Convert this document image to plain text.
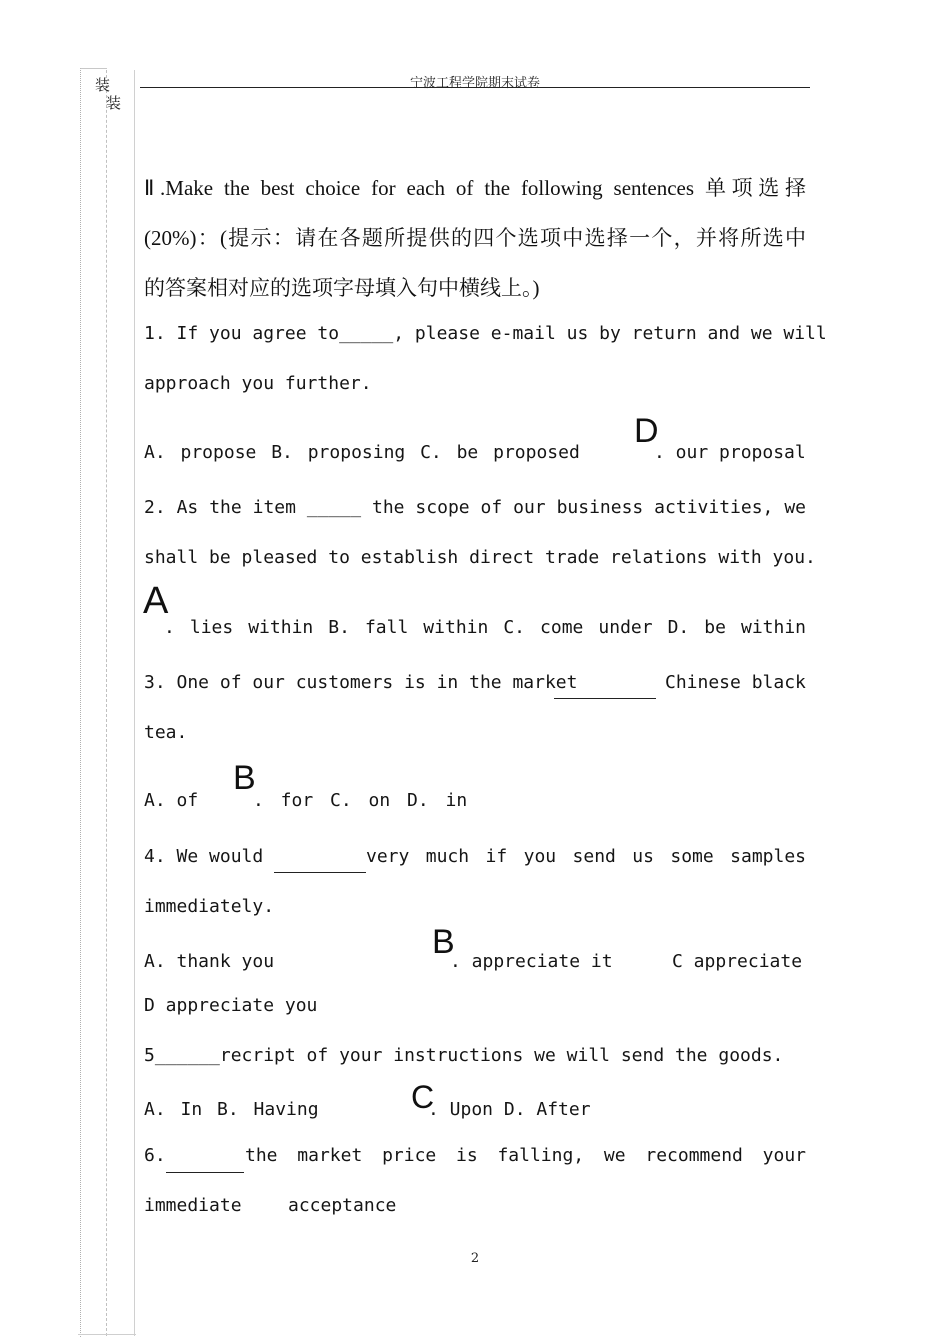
装
装
宁波工程学院期末试卷
Ⅱ.Make the best choice for each of the following sentences 单项选择
(20%)：(提示：请在各题所提供的四个选项中选择一个，并将所选中
的答案相对应的选项字母填入句中横线上。)
1. If you agree to_____, please e-mail us by return and we will
approach you further.
A. propose B. proposing C. be proposed
D
. our proposal
2. As the item _____ the scope of our business activities, we
shall be pleased to establish direct trade relations with you.
A
. lies within B. fall within C. come under D. be within
3. One of our customers is in the market	Chinese black
tea.
A. of
B
. for C. on D. in
4. We would	very much if you send us some samples
immediately.
A. thank you
B
. appreciate it	C appreciate
D appreciate you
5______recript of your instructions we will send the goods.
A. In B. Having	C
. Upon D. After
6.	the market price is falling, we recommend your
immediate	acceptance
2
